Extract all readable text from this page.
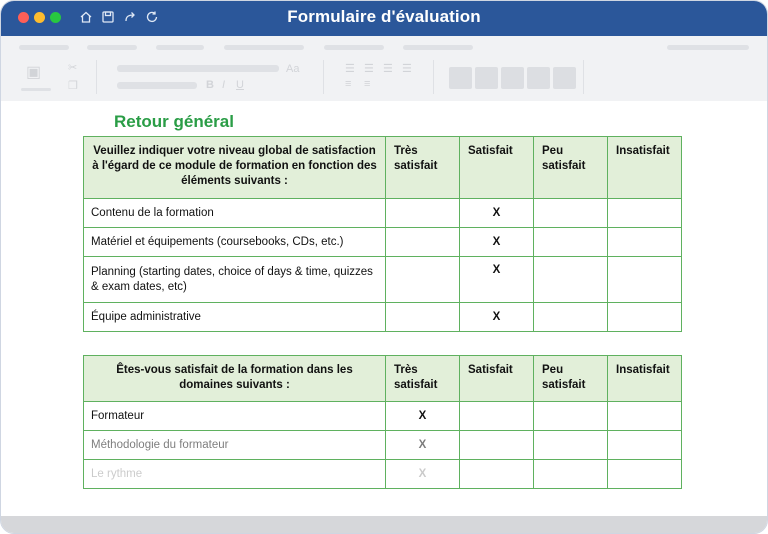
Formulaire d'évaluation
▣ ✂
❐
Aa
B I U
☰ ☰ ☰ ☰
≡ ≡
Retour général
Veuillez indiquer votre niveau global de satisfaction à l'égard de ce module de formation en fonction des éléments suivants :	Très satisfait	Satisfait	Peu satisfait	Insatisfait
Contenu de la formation		X		
Matériel et équipements (coursebooks, CDs, etc.)		X		
Planning (starting dates, choice of days & time, quizzes & exam dates, etc)		X		
Équipe administrative		X		
Êtes-vous satisfait de la formation dans les domaines suivants :	Très satisfait	Satisfait	Peu satisfait	Insatisfait
Formateur	X			
Méthodologie du formateur	X			
Le rythme	X			
